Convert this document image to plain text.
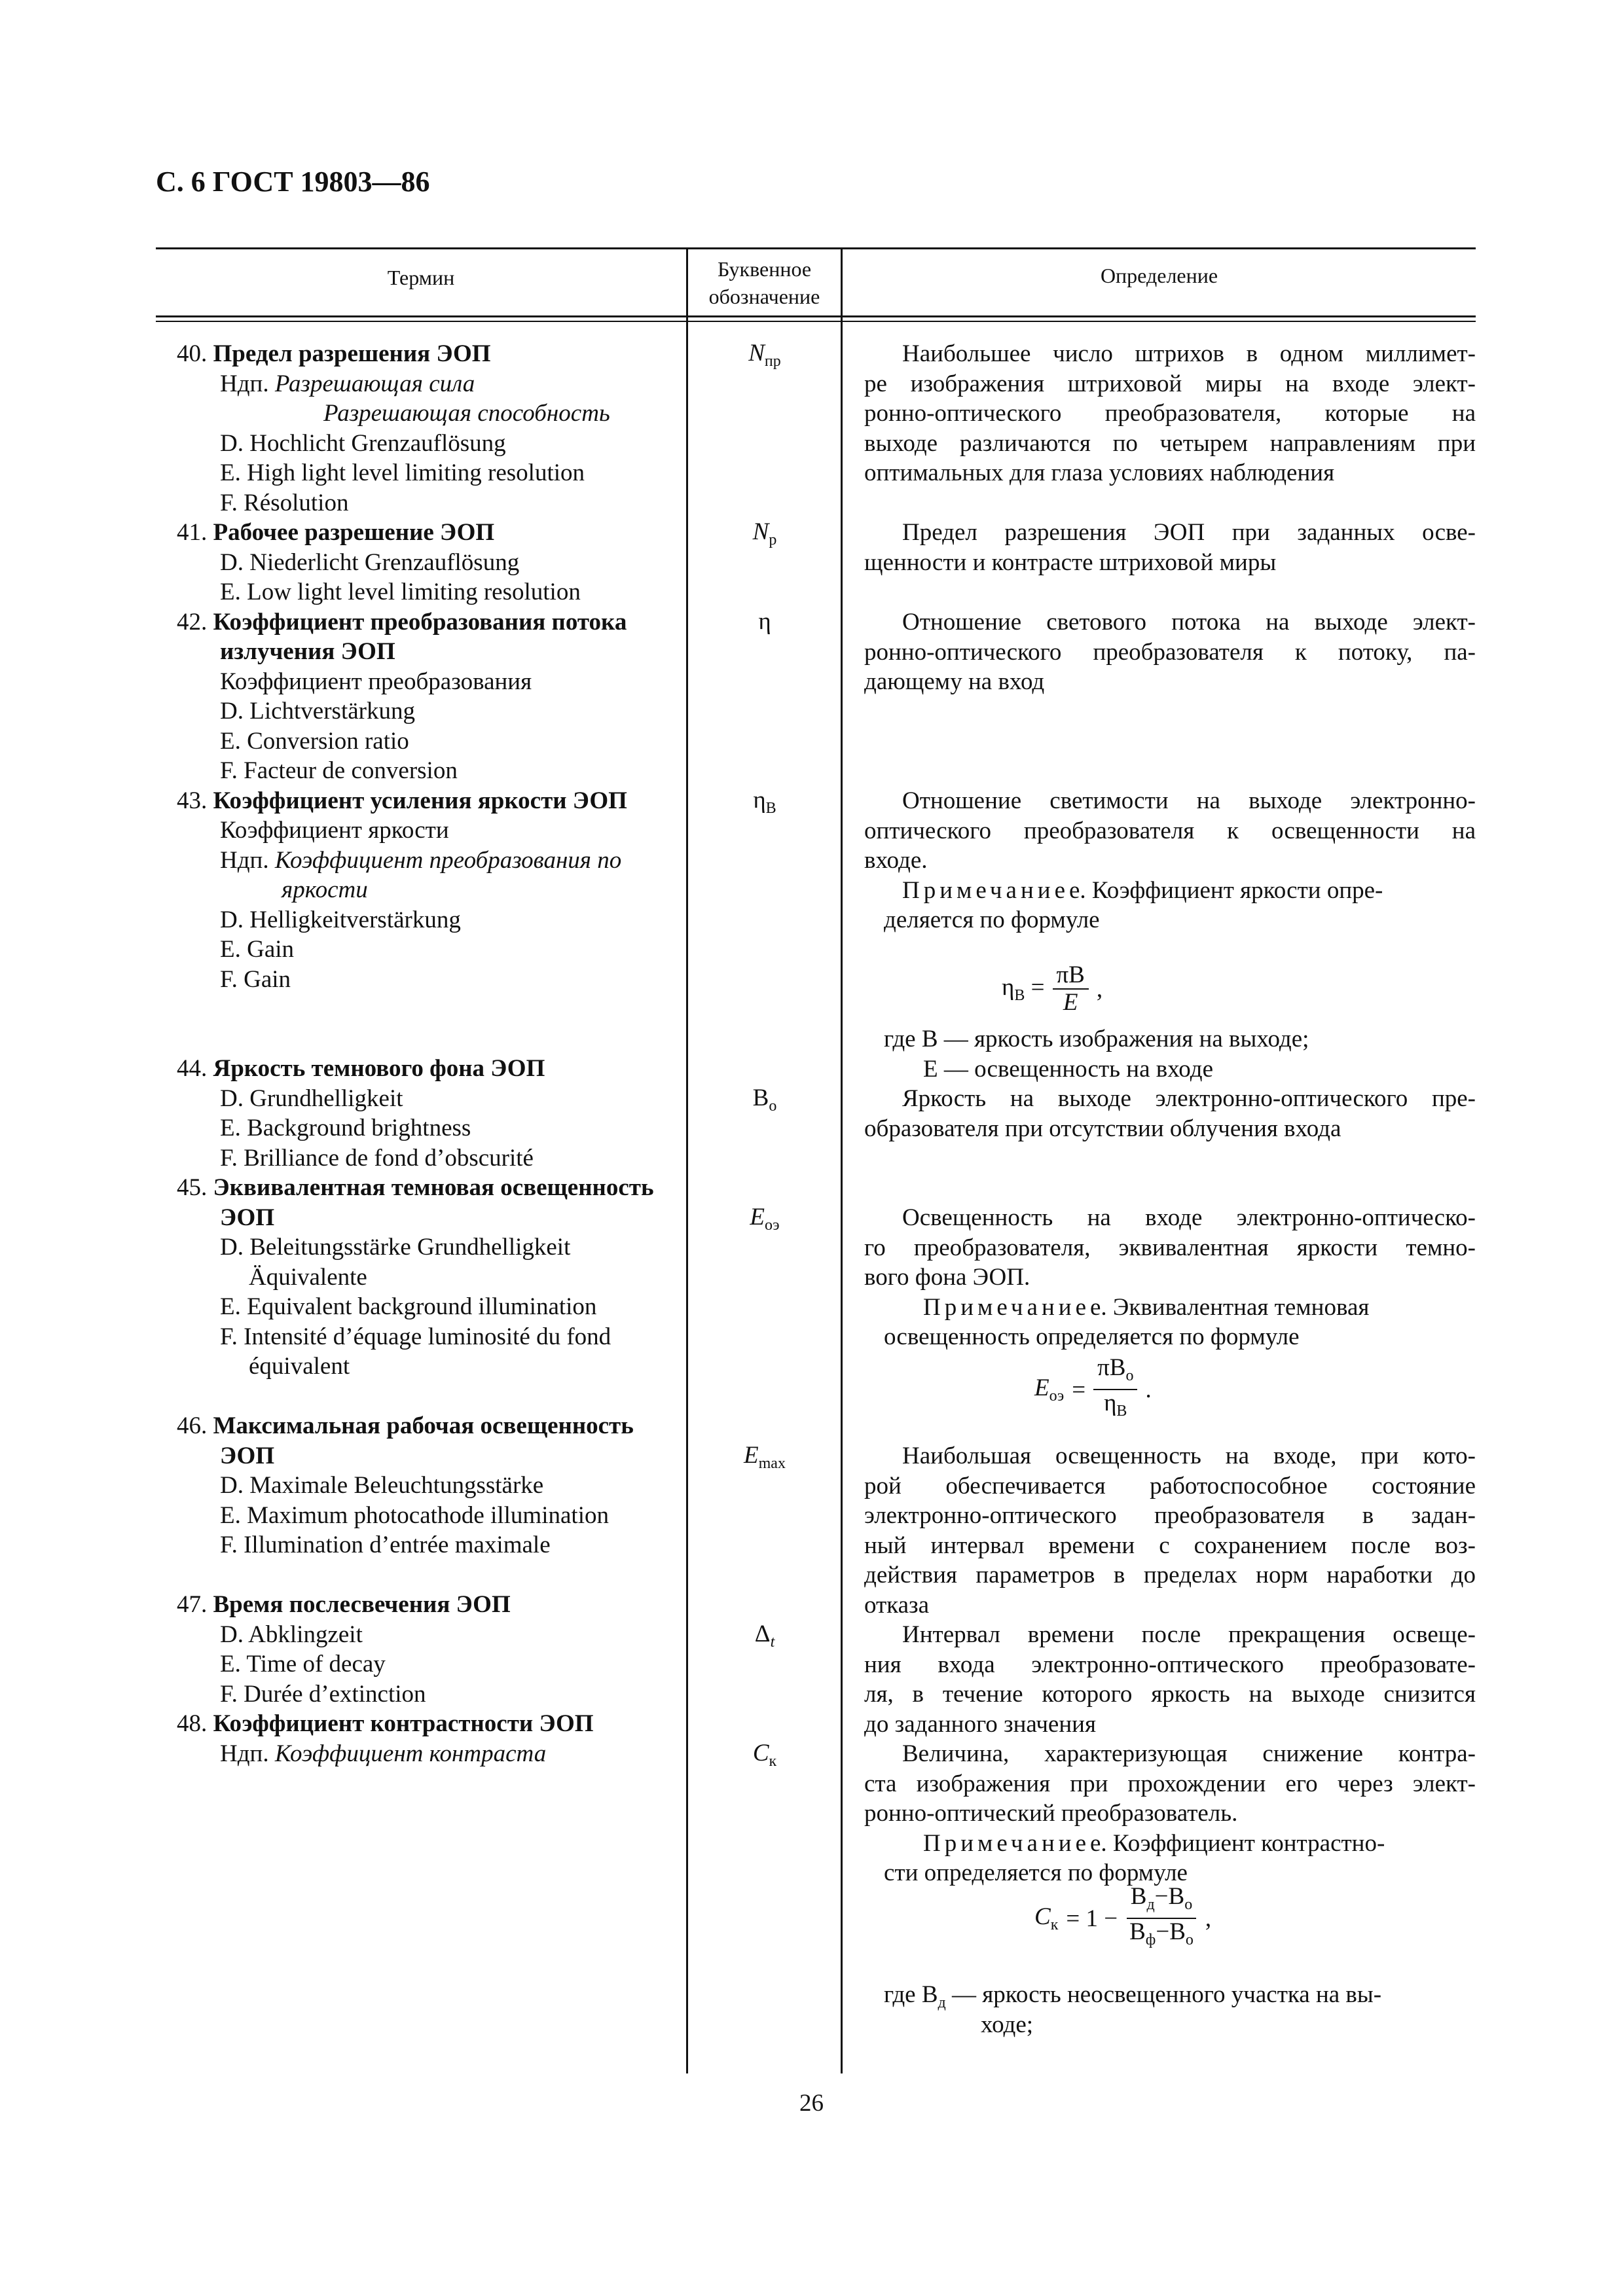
С. 6 ГОСТ 19803—86
Термин	Буквенное
обозначение
Определение
40. Предел разрешения ЭОП
Ндп. Разрешающая сила
Разрешающая способность
D. Hochlicht Grenzauflösung
E. High light level limiting resolution
F. Résolution
41. Рабочее разрешение ЭОП
D. Niederlicht Grenzauflösung
E. Low light level limiting resolution
42. Коэффициент преобразования потока
излучения ЭОП
Коэффициент преобразования
D. Lichtverstärkung
E. Conversion ratio
F. Facteur de conversion
43. Коэффициент усиления яркости ЭОП
Коэффициент яркости
Ндп. Коэффициент преобразования по
яркости
D. Helligkeitverstärkung
E. Gain
F. Gain
44. Яркость темнового фона ЭОП
D. Grundhelligkeit
E. Background brightness
F. Brilliance de fond d’obscurité
45. Эквивалентная темновая освещенность
ЭОП
D. Beleitungsstärke Grundhelligkeit
Äquivalente
E. Equivalent background illumination
F. Intensité d’équage luminosité du fond
équivalent
46. Максимальная рабочая освещенность
ЭОП
D. Maximale Beleuchtungsstärke
E. Maximum photocathode illumination
F. Illumination d’entrée maximale
47. Время послесвечения ЭОП
D. Abklingzeit
E. Time of decay
F. Durée d’extinction
48. Коэффициент контрастности ЭОП
Ндп. Коэффициент контраста
$N_{пр}$
$N_р$
η
$\eta_В$
$B_о$
$E_{оэ}$
$E_{max}$
$\Delta_t$
$C_к$
Наибольшее число штрихов в одном миллимет-
ре изображения штриховой миры на входе элект-
ронно-оптического преобразователя, которые на
выходе различаются по четырем направлениям при
оптимальных для глаза условиях наблюдения
Предел разрешения ЭОП при заданных осве-
щенности и контрасте штриховой миры
Отношение светового потока на выходе элект-
ронно-оптического преобразователя к потоку, па-
дающему на вход
Отношение светимости на выходе электронно-
оптического преобразователя к освещенности на
входе.
Примечаниее. Коэффициент яркости опре-
деляется по формуле
$\eta_В = \frac{\pi B}{E}$ ,
где B — яркость изображения на выходе;
E — освещенность на входе
Яркость на выходе электронно-оптического пре-
образователя при отсутствии облучения входа
Освещенность на входе электронно-оптическо-
го преобразователя, эквивалентная яркости темно-
вого фона ЭОП.
Примечаниее. Эквивалентная темновая
освещенность определяется по формуле
$E_{оэ} = \frac{\pi B_о}{\eta_В}$ .
Наибольшая освещенность на входе, при кото-
рой обеспечивается работоспособное состояние
электронно-оптического преобразователя в задан-
ный интервал времени с сохранением после воз-
действия параметров в пределах норм наработки до
отказа
Интервал времени после прекращения освеще-
ния входа электронно-оптического преобразовате-
ля, в течение которого яркость на выходе снизится
до заданного значения
Величина, характеризующая снижение контра-
ста изображения при прохождении его через элект-
ронно-оптический преобразователь.
Примечаниее. Коэффициент контрастно-
сти определяется по формуле
$C_к = 1 - \frac{B_д-B_о}{B_ф-B_о}$ ,
где $B_д$ — яркость неосвещенного участка на вы-
ходе;
26
